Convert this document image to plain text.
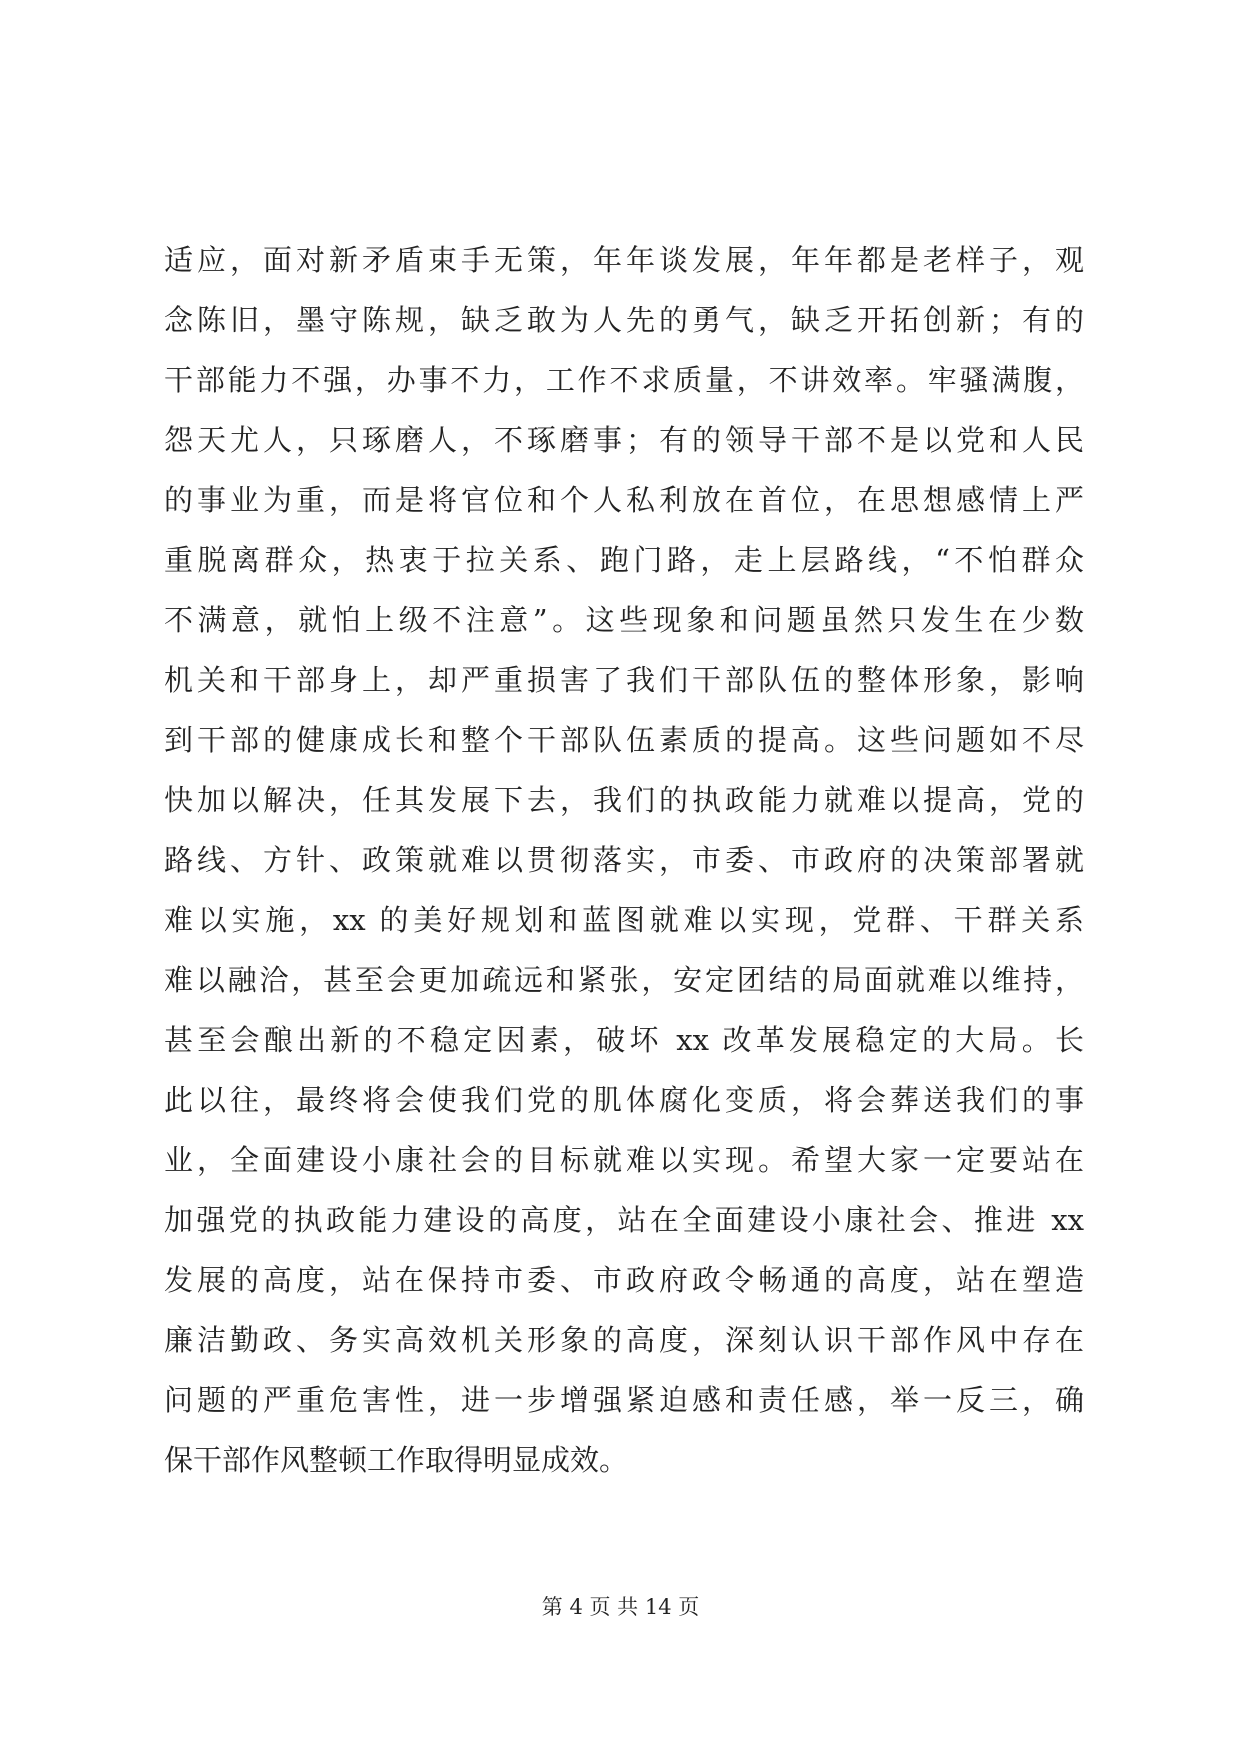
适应，面对新矛盾束手无策，年年谈发展，年年都是老样子，观
念陈旧，墨守陈规，缺乏敢为人先的勇气，缺乏开拓创新；有的
干部能力不强，办事不力，工作不求质量，不讲效率。牢骚满腹，
怨天尤人，只琢磨人，不琢磨事；有的领导干部不是以党和人民
的事业为重，而是将官位和个人私利放在首位，在思想感情上严
重脱离群众，热衷于拉关系、跑门路，走上层路线，“不怕群众
不满意，就怕上级不注意”。这些现象和问题虽然只发生在少数
机关和干部身上，却严重损害了我们干部队伍的整体形象，影响
到干部的健康成长和整个干部队伍素质的提高。这些问题如不尽
快加以解决，任其发展下去，我们的执政能力就难以提高，党的
路线、方针、政策就难以贯彻落实，市委、市政府的决策部署就
难以实施，xx 的美好规划和蓝图就难以实现，党群、干群关系
难以融洽，甚至会更加疏远和紧张，安定团结的局面就难以维持，
甚至会酿出新的不稳定因素，破坏 xx 改革发展稳定的大局。长
此以往，最终将会使我们党的肌体腐化变质，将会葬送我们的事
业，全面建设小康社会的目标就难以实现。希望大家一定要站在
加强党的执政能力建设的高度，站在全面建设小康社会、推进 xx
发展的高度，站在保持市委、市政府政令畅通的高度，站在塑造
廉洁勤政、务实高效机关形象的高度，深刻认识干部作风中存在
问题的严重危害性，进一步增强紧迫感和责任感，举一反三，确
保干部作风整顿工作取得明显成效。
第 4 页 共 14 页
